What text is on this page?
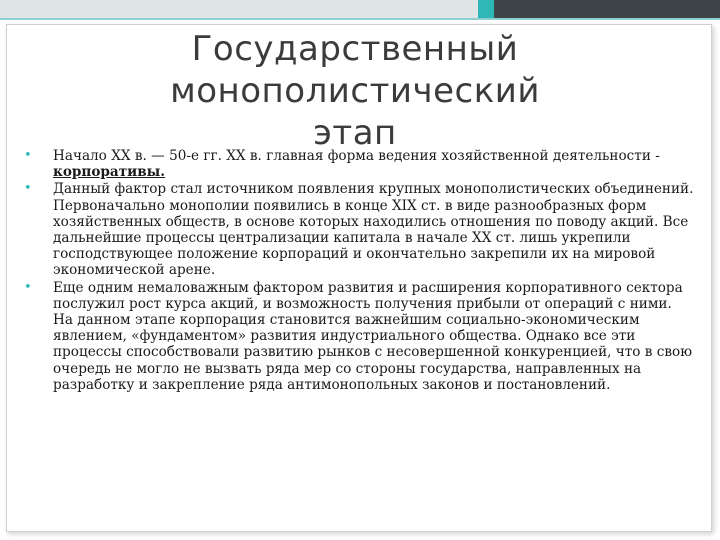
Государственный монополистический
этап
• Начало XX в. — 50-е гг. XX в. главная форма ведения хозяйственной деятельности - корпоративы.
• Данный фактор стал источником появления крупных монополистических объединений. Первоначально монополии появились в конце XIX ст. в виде разнообразных форм хозяйственных обществ, в основе которых находились отношения по поводу акций. Все дальнейшие процессы централизации капитала в начале XX ст. лишь укрепили господствующее положение корпораций и окончательно закрепили их на мировой экономической арене.
• Еще одним немаловажным фактором развития и расширения корпоративного сектора послужил рост курса акций, и возможность получения прибыли от операций с ними. На данном этапе корпорация становится важнейшим социально-экономическим явлением, «фундаментом» развития индустриального общества. Однако все эти процессы способствовали развитию рынков с несовершенной конкуренцией, что в свою очередь не могло не вызвать ряда мер со стороны государства, направленных на разработку и закрепление ряда антимонопольных законов и постановлений.
